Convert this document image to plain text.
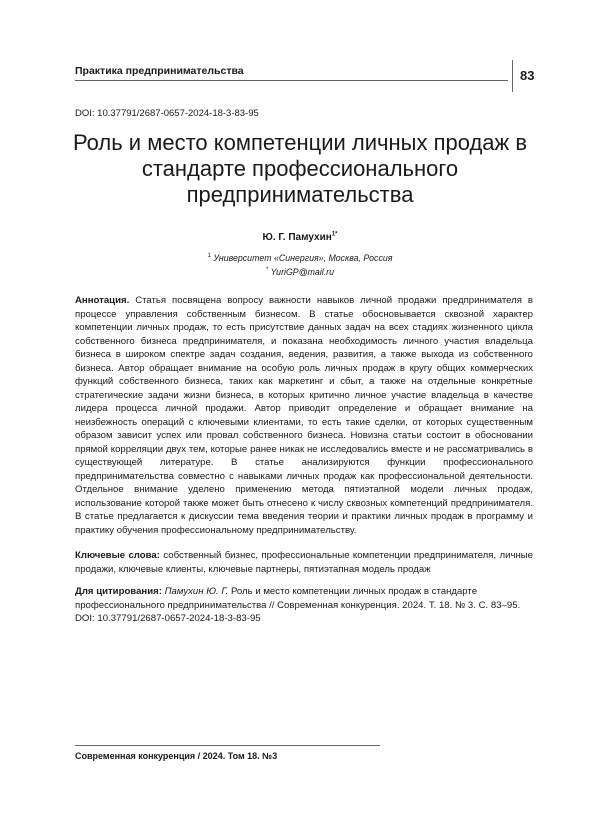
Практика предпринимательства	83
DOI: 10.37791/2687-0657-2024-18-3-83-95
Роль и место компетенции личных продаж в стандарте профессионального предпринимательства
Ю. Г. Памухин$^{1*}$
$^1$ Университет «Синергия», Москва, Россия
* YuriGP@mail.ru

Аннотация. Статья посвящена вопросу важности навыков личной продажи предпринимателя в процессе управления собственным бизнесом. В статье обосновывается сквозной характер компетенции личных продаж, то есть присутствие данных задач на всех стадиях жизненного цикла собственного бизнеса предпринимателя, и показана необходимость личного участия владельца бизнеса в широком спектре задач создания, ведения, развития, а также выхода из собственного бизнеса. Автор обращает внимание на особую роль личных продаж в кругу общих коммерческих функций собственного бизнеса, таких как маркетинг и сбыт, а также на отдельные конкретные стратегические задачи жизни бизнеса, в которых критично личное участие владельца в качестве лидера процесса личной продажи. Автор приводит определение и обращает внимание на неизбежность операций с ключевыми клиентами, то есть такие сделки, от которых существенным образом зависит успех или провал собственного бизнеса. Новизна статьи состоит в обосновании прямой корреляции двух тем, которые ранее никак не исследовались вместе и не рассматривались в существующей литературе. В статье анализируются функции профессионального предпринимательства совместно с навыками личных продаж как профессиональной деятельности. Отдельное внимание уделено применению метода пятиэтапной модели личных продаж, использование которой также может быть отнесено к числу сквозных компетенций предпринимателя. В статье предлагается к дискуссии тема введения теории и практики личных продаж в программу и практику обучения профессиональному предпринимательству.

Ключевые слова: собственный бизнес, профессиональные компетенции предпринимателя, личные продажи, ключевые клиенты, ключевые партнеры, пятиэтапная модель продаж

Для цитирования: Памухин Ю. Г. Роль и место компетенции личных продаж в стандарте профессионального предпринимательства // Современная конкуренция. 2024. Т. 18. № 3. С. 83–95. DOI: 10.37791/2687-0657-2024-18-3-83-95

Современная конкуренция / 2024. Том 18. №3
